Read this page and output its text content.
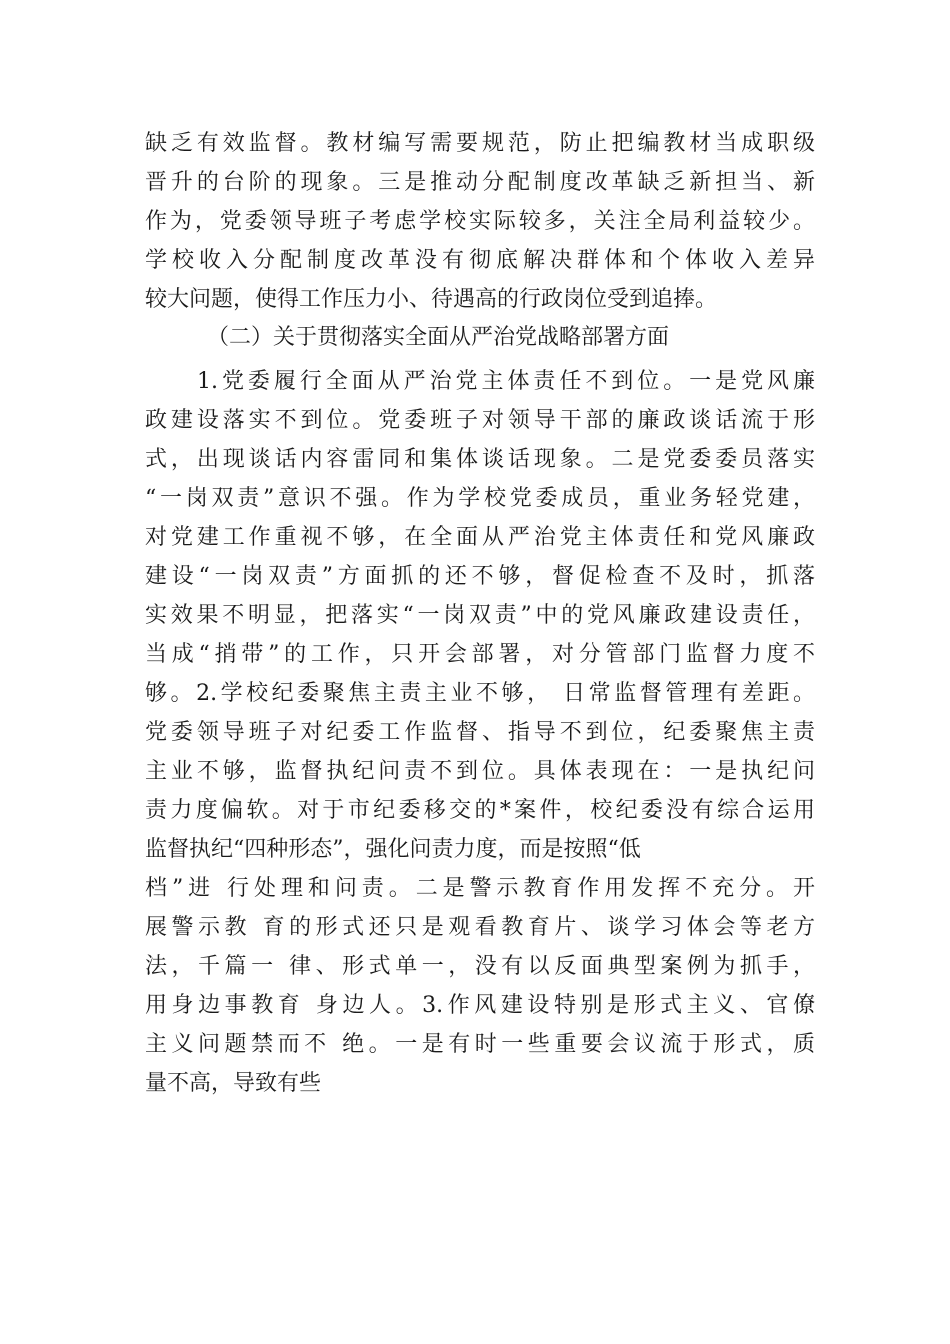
缺乏有效监督。教材编写需要规范，防止把编教材当成职级
晋升的台阶的现象。三是推动分配制度改革缺乏新担当、新
作为，党委领导班子考虑学校实际较多，关注全局利益较少。
学校收入分配制度改革没有彻底解决群体和个体收入差异
较大问题，使得工作压力小、待遇高的行政岗位受到追捧。
（二）关于贯彻落实全面从严治党战略部署方面
1.党委履行全面从严治党主体责任不到位。一是党风廉
政建设落实不到位。党委班子对领导干部的廉政谈话流于形
式，出现谈话内容雷同和集体谈话现象。二是党委委员落实
“一岗双责”意识不强。作为学校党委成员，重业务轻党建，
对党建工作重视不够，在全面从严治党主体责任和党风廉政
建设“一岗双责”方面抓的还不够，督促检查不及时，抓落
实效果不明显，把落实“一岗双责”中的党风廉政建设责任，
当成“捎带”的工作，只开会部署，对分管部门监督力度不
够。2.学校纪委聚焦主责主业不够， 日常监督管理有差距。
党委领导班子对纪委工作监督、指导不到位，纪委聚焦主责
主业不够，监督执纪问责不到位。具体表现在：一是执纪问
责力度偏软。对于市纪委移交的*案件，校纪委没有综合运用
监督执纪“四种形态”，强化问责力度，而是按照“低
档”进 行处理和问责。二是警示教育作用发挥不充分。开
展警示教 育的形式还只是观看教育片、谈学习体会等老方
法，千篇一 律、形式单一，没有以反面典型案例为抓手，
用身边事教育 身边人。3.作风建设特别是形式主义、官僚
主义问题禁而不 绝。一是有时一些重要会议流于形式，质
量不高，导致有些
